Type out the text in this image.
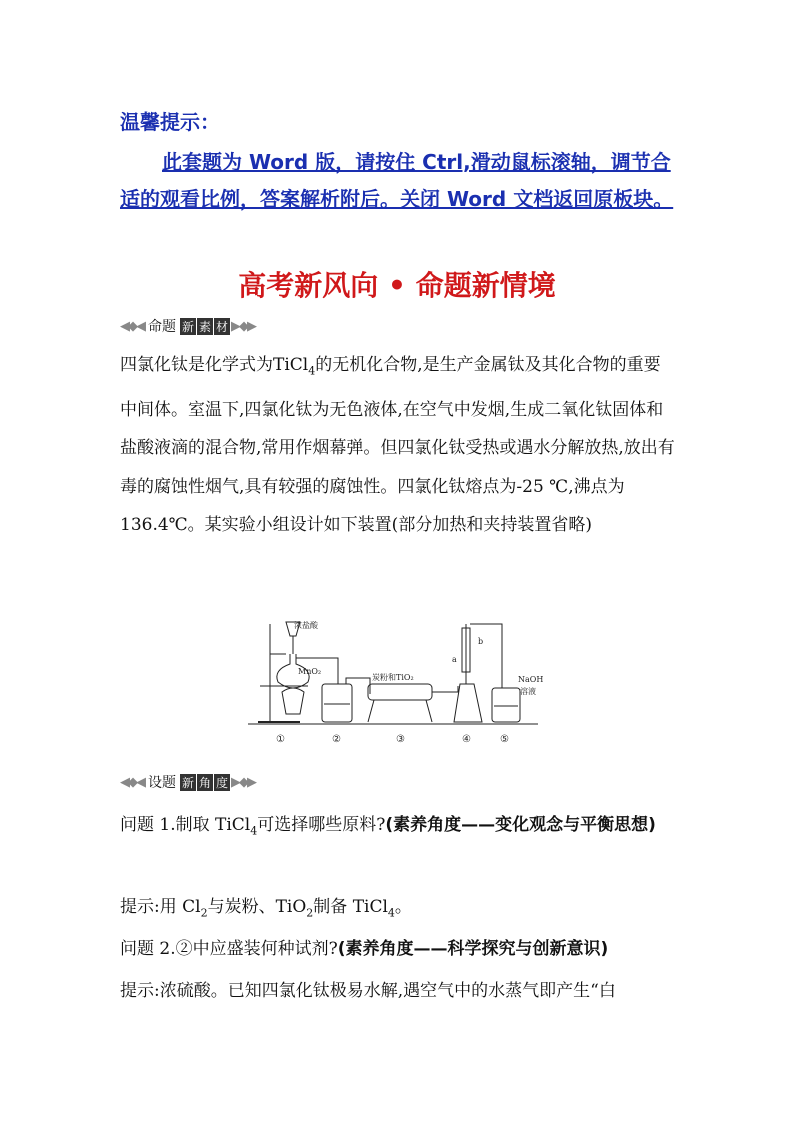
温馨提示：

此套题为 Word 版，请按住 Ctrl,滑动鼠标滚轴，调节合适的观看比例，答案解析附后。关闭 Word 文档返回原板块。

高考新风向 • 命题新情境
◀◆◀ 命题 新 素 材 ▶◆▶

四氯化钛是化学式为TiCl$_4$的无机化合物,是生产金属钛及其化合物的重要中间体。室温下,四氯化钛为无色液体,在空气中发烟,生成二氧化钛固体和盐酸液滴的混合物,常用作烟幕弹。但四氯化钛受热或遇水分解放热,放出有毒的腐蚀性烟气,具有较强的腐蚀性。四氯化钛熔点为-25 ℃,沸点为136.4℃。某实验小组设计如下装置(部分加热和夹持装置省略)

MnO₂
浓盐酸
炭粉和TiO₂
a
b
NaOH
溶液
①	②	③	④	⑤
◀◆◀ 设题 新 角 度 ▶◆▶

问题 1.制取 TiCl$_4$可选择哪些原料?(素养角度——变化观念与平衡思想)

提示:用 $Cl_2$与炭粉、TiO$_2$制备 TiCl$_4$。

问题 2.②中应盛装何种试剂?(素养角度——科学探究与创新意识)

提示:浓硫酸。已知四氯化钛极易水解,遇空气中的水蒸气即产生“白
